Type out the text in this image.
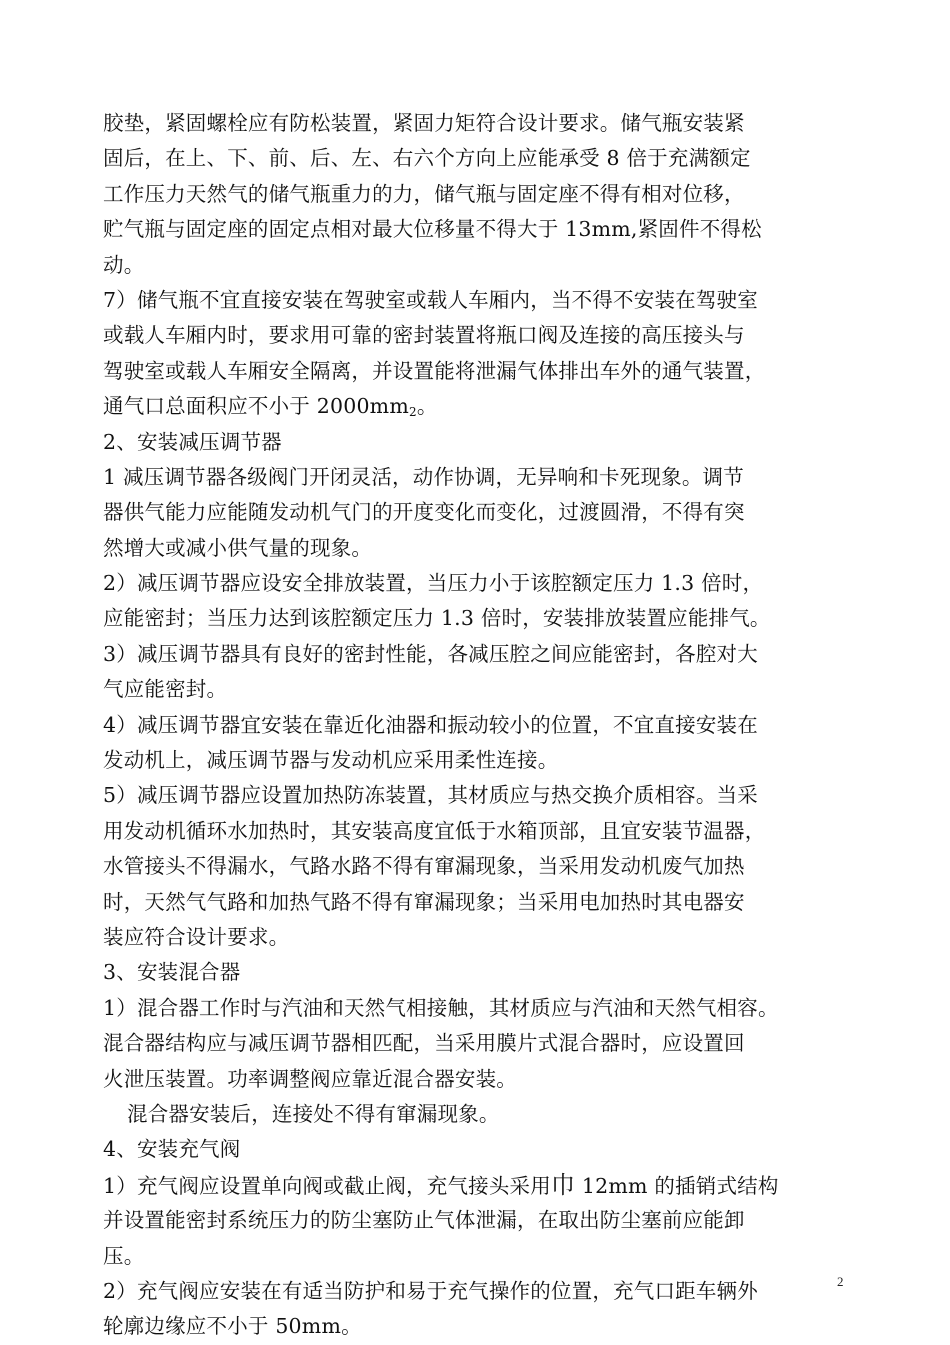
胶垫，紧固螺栓应有防松装置，紧固力矩符合设计要求。储气瓶安装紧
固后，在上、下、前、后、左、右六个方向上应能承受 8 倍于充满额定
工作压力天然气的储气瓶重力的力，储气瓶与固定座不得有相对位移，
贮气瓶与固定座的固定点相对最大位移量不得大于 13mm,紧固件不得松
动。
7）储气瓶不宜直接安装在驾驶室或载人车厢内，当不得不安装在驾驶室
或载人车厢内时，要求用可靠的密封装置将瓶口阀及连接的高压接头与
驾驶室或载人车厢安全隔离，并设置能将泄漏气体排出车外的通气装置，
通气口总面积应不小于 $2000mm_2$。
2、安装减压调节器
1 减压调节器各级阀门开闭灵活，动作协调，无异响和卡死现象。调节
器供气能力应能随发动机气门的开度变化而变化，过渡圆滑，不得有突
然增大或减小供气量的现象。
2）减压调节器应设安全排放装置，当压力小于该腔额定压力 1.3 倍时，
应能密封；当压力达到该腔额定压力 1.3 倍时，安装排放装置应能排气。
3）减压调节器具有良好的密封性能，各减压腔之间应能密封，各腔对大
气应能密封。
4）减压调节器宜安装在靠近化油器和振动较小的位置，不宜直接安装在
发动机上，减压调节器与发动机应采用柔性连接。
5）减压调节器应设置加热防冻装置，其材质应与热交换介质相容。当采
用发动机循环水加热时，其安装高度宜低于水箱顶部，且宜安装节温器，
水管接头不得漏水，气路水路不得有窜漏现象，当采用发动机废气加热
时，天然气气路和加热气路不得有窜漏现象；当采用电加热时其电器安
装应符合设计要求。
3、安装混合器
1）混合器工作时与汽油和天然气相接触，其材质应与汽油和天然气相容。
混合器结构应与减压调节器相匹配，当采用膜片式混合器时，应设置回
火泄压装置。功率调整阀应靠近混合器安装。
混合器安装后，连接处不得有窜漏现象。
4、安装充气阀
1）充气阀应设置单向阀或截止阀，充气接头采用巾 12mm 的插销式结构
并设置能密封系统压力的防尘塞防止气体泄漏，在取出防尘塞前应能卸
压。
2）充气阀应安装在有适当防护和易于充气操作的位置，充气口距车辆外
轮廓边缘应不小于 50mm。
2
